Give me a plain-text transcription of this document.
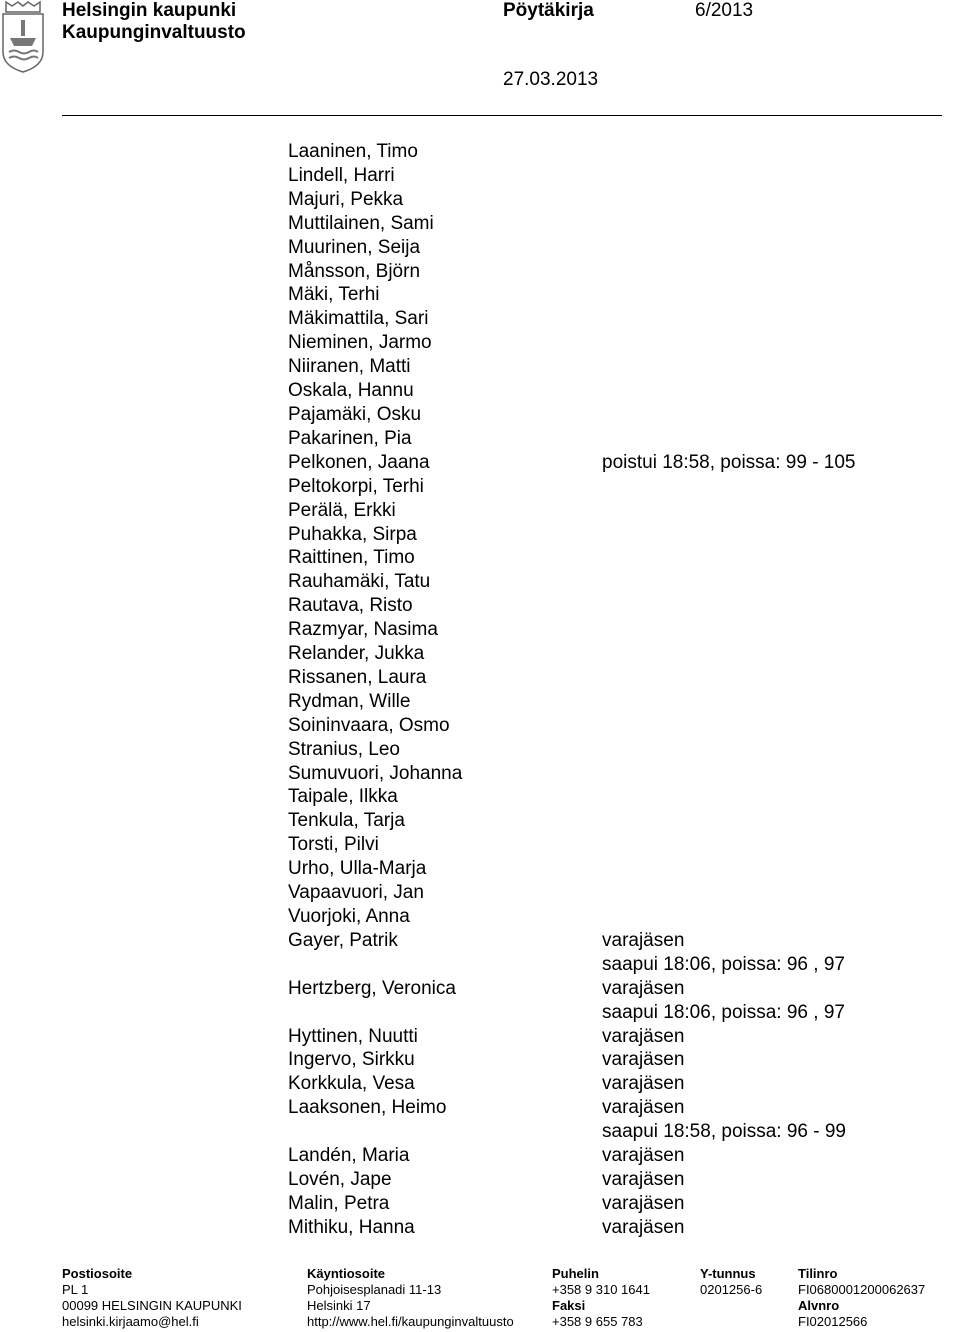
Helsingin kaupunki
Kaupunginvaltuusto
Pöytäkirja	6/2013
27.03.2013
Laaninen, Timo
Lindell, Harri
Majuri, Pekka
Muttilainen, Sami
Muurinen, Seija
Månsson, Björn
Mäki, Terhi
Mäkimattila, Sari
Nieminen, Jarmo
Niiranen, Matti
Oskala, Hannu
Pajamäki, Osku
Pakarinen, Pia
Pelkonen, Jaana	poistui 18:58, poissa: 99 - 105
Peltokorpi, Terhi
Perälä, Erkki
Puhakka, Sirpa
Raittinen, Timo
Rauhamäki, Tatu
Rautava, Risto
Razmyar, Nasima
Relander, Jukka
Rissanen, Laura
Rydman, Wille
Soininvaara, Osmo
Stranius, Leo
Sumuvuori, Johanna
Taipale, Ilkka
Tenkula, Tarja
Torsti, Pilvi
Urho, Ulla-Marja
Vapaavuori, Jan
Vuorjoki, Anna
Gayer, Patrik	varajäsen
saapui 18:06, poissa: 96 , 97
Hertzberg, Veronica	varajäsen
saapui 18:06, poissa: 96 , 97
Hyttinen, Nuutti	varajäsen
Ingervo, Sirkku	varajäsen
Korkkula, Vesa	varajäsen
Laaksonen, Heimo	varajäsen
saapui 18:58, poissa: 96 - 99
Landén, Maria	varajäsen
Lovén, Jape	varajäsen
Malin, Petra	varajäsen
Mithiku, Hanna	varajäsen
Postiosoite
PL 1
00099 HELSINGIN KAUPUNKI
helsinki.kirjaamo@hel.fi
Käyntiosoite
Pohjoisesplanadi 11-13
Helsinki 17
http://www.hel.fi/kaupunginvaltuusto
Puhelin
+358 9 310 1641
Faksi
+358 9 655 783
Y-tunnus
0201256-6
Tilinro
FI0680001200062637
Alvnro
FI02012566
